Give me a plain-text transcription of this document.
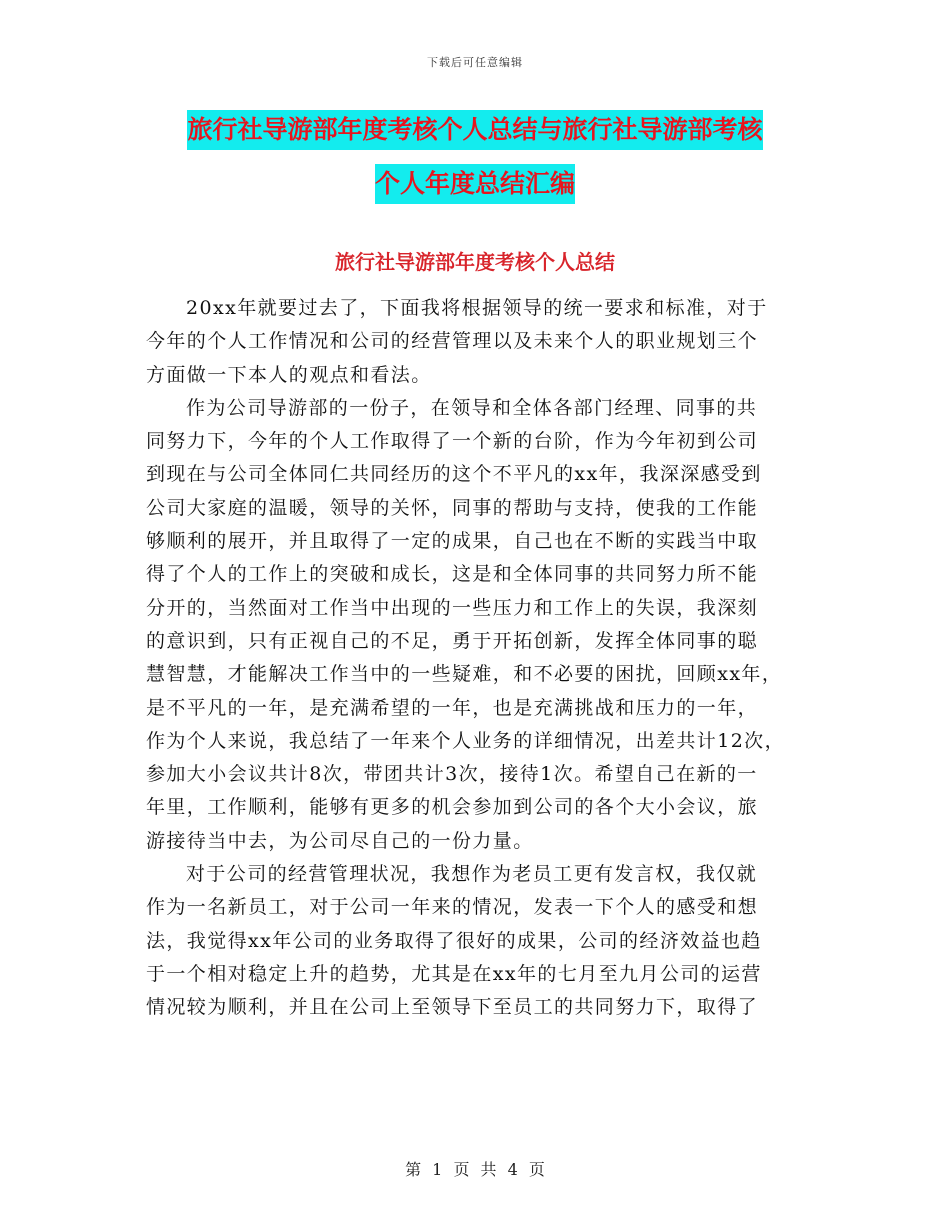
下载后可任意编辑
旅行社导游部年度考核个人总结与旅行社导游部考核
个人年度总结汇编
旅行社导游部年度考核个人总结
20xx年就要过去了，下面我将根据领导的统一要求和标准，对于
今年的个人工作情况和公司的经营管理以及未来个人的职业规划三个
方面做一下本人的观点和看法。
作为公司导游部的一份子，在领导和全体各部门经理、同事的共
同努力下，今年的个人工作取得了一个新的台阶，作为今年初到公司
到现在与公司全体同仁共同经历的这个不平凡的xx年，我深深感受到
公司大家庭的温暖，领导的关怀，同事的帮助与支持，使我的工作能
够顺利的展开，并且取得了一定的成果，自己也在不断的实践当中取
得了个人的工作上的突破和成长，这是和全体同事的共同努力所不能
分开的，当然面对工作当中出现的一些压力和工作上的失误，我深刻
的意识到，只有正视自己的不足，勇于开拓创新，发挥全体同事的聪
慧智慧，才能解决工作当中的一些疑难，和不必要的困扰，回顾xx年，
是不平凡的一年，是充满希望的一年，也是充满挑战和压力的一年，
作为个人来说，我总结了一年来个人业务的详细情况，出差共计12次，
参加大小会议共计8次，带团共计3次，接待1次。希望自己在新的一
年里，工作顺利，能够有更多的机会参加到公司的各个大小会议，旅
游接待当中去，为公司尽自己的一份力量。
对于公司的经营管理状况，我想作为老员工更有发言权，我仅就
作为一名新员工，对于公司一年来的情况，发表一下个人的感受和想
法，我觉得xx年公司的业务取得了很好的成果，公司的经济效益也趋
于一个相对稳定上升的趋势，尤其是在xx年的七月至九月公司的运营
情况较为顺利，并且在公司上至领导下至员工的共同努力下，取得了
第 1 页 共 4 页
